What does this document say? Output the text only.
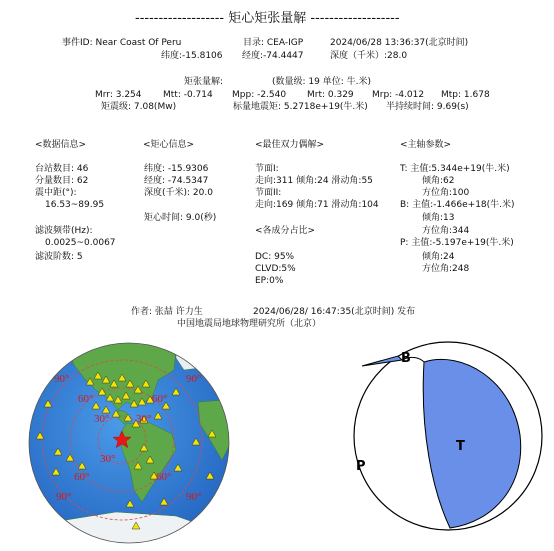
------------------- 矩心矩张量解 -------------------
事件ID: Near Coast Of Peru	目录: CEA-IGP	2024/06/28 13:36:37(北京时间)
纬度:-15.8106 经度:-74.4447	深度（千米）:28.0
矩张量解:	(数量级: 19 单位: 牛.米)
Mrr: 3.254 Mtt: -0.714 Mpp: -2.540 Mrt: 0.329 Mrp: -4.012 Mtp: 1.678
矩震级: 7.08(Mw)	标量地震矩: 5.2718e+19(牛.米) 半持续时间: 9.69(s)
<数据信息>
台站数目: 46
分量数目: 62
震中距(°):
16.53~89.95
滤波频带(Hz):
0.0025~0.0067
滤波阶数: 5
<矩心信息>
纬度: -15.9306
经度: -74.5347
深度(千米): 20.0
矩心时间: 9.0(秒)
<最佳双力偶解>
节面I:
走向:311 倾角:24 滑动角:55
节面II:
走向:169 倾角:71 滑动角:104
<各成分占比>
DC: 95%
CLVD:5%
EP:0%
<主轴参数>
T: 主值:5.344e+19(牛.米)
倾角:62
方位角:100
B: 主值:-1.466e+18(牛.米)
倾角:13
方位角:344
P: 主值:-5.197e+19(牛.米)
倾角:24
方位角:248
作者: 张喆 许力生	2024/06/28/ 16:47:35(北京时间) 发布
中国地震局地球物理研究所（北京）
90°	90°
60°	60°
30° 30°
30°
60°	60°
90°	90°
B
T
P
